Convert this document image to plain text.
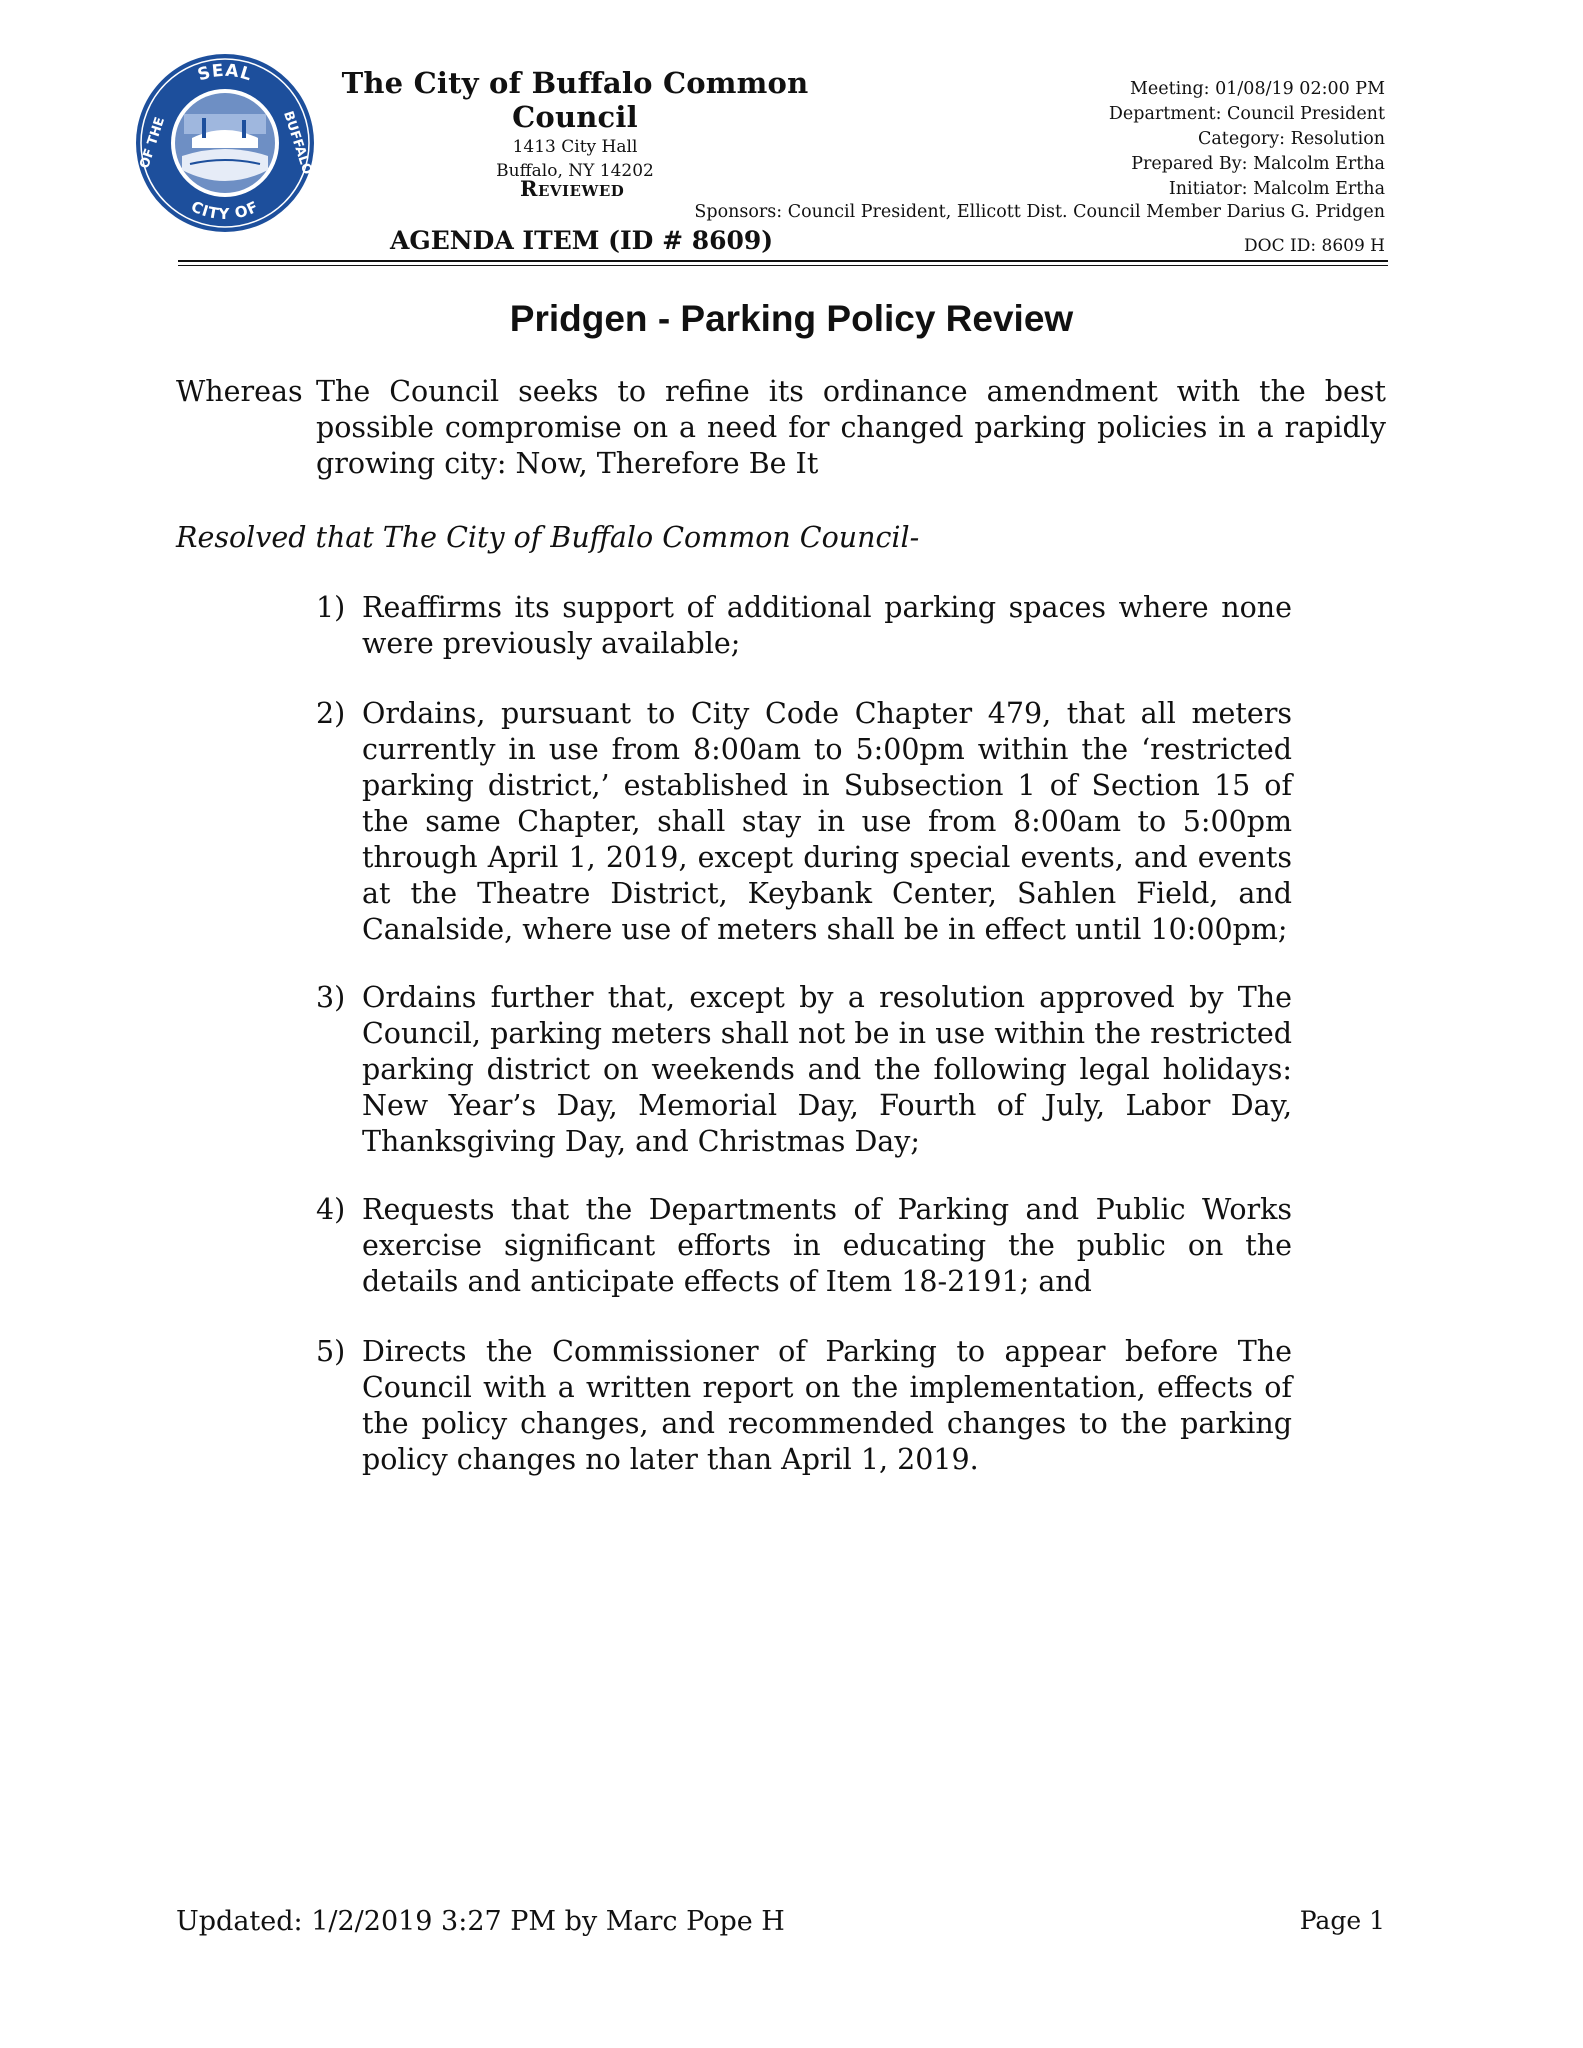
SEAL
CITY OF
OF THE	BUFFALO
The City of Buffalo Common Council
1413 City Hall
Buffalo, NY 14202
Reviewed
AGENDA ITEM (ID # 8609)
Meeting: 01/08/19 02:00 PM
Department: Council President
Category: Resolution
Prepared By: Malcolm Ertha
Initiator: Malcolm Ertha
Sponsors: Council President, Ellicott Dist. Council Member Darius G. Pridgen
DOC ID: 8609 H
Pridgen - Parking Policy Review
Whereas The Council seeks to refine its ordinance amendment with the best possible compromise on a need for changed parking policies in a rapidly growing city: Now, Therefore Be It
Resolved that The City of Buffalo Common Council-
1) Reaffirms its support of additional parking spaces where none were previously available;
2) Ordains, pursuant to City Code Chapter 479, that all meters currently in use from 8:00am to 5:00pm within the ‘restricted parking district,’ established in Subsection 1 of Section 15 of the same Chapter, shall stay in use from 8:00am to 5:00pm through April 1, 2019, except during special events, and events at the Theatre District, Keybank Center, Sahlen Field, and Canalside, where use of meters shall be in effect until 10:00pm;
3) Ordains further that, except by a resolution approved by The Council, parking meters shall not be in use within the restricted parking district on weekends and the following legal holidays: New Year’s Day, Memorial Day, Fourth of July, Labor Day, Thanksgiving Day, and Christmas Day;
4) Requests that the Departments of Parking and Public Works exercise significant efforts in educating the public on the details and anticipate effects of Item 18-2191; and
5) Directs the Commissioner of Parking to appear before The Council with a written report on the implementation, effects of the policy changes, and recommended changes to the parking policy changes no later than April 1, 2019.
Updated: 1/2/2019 3:27 PM by Marc Pope H	Page 1
